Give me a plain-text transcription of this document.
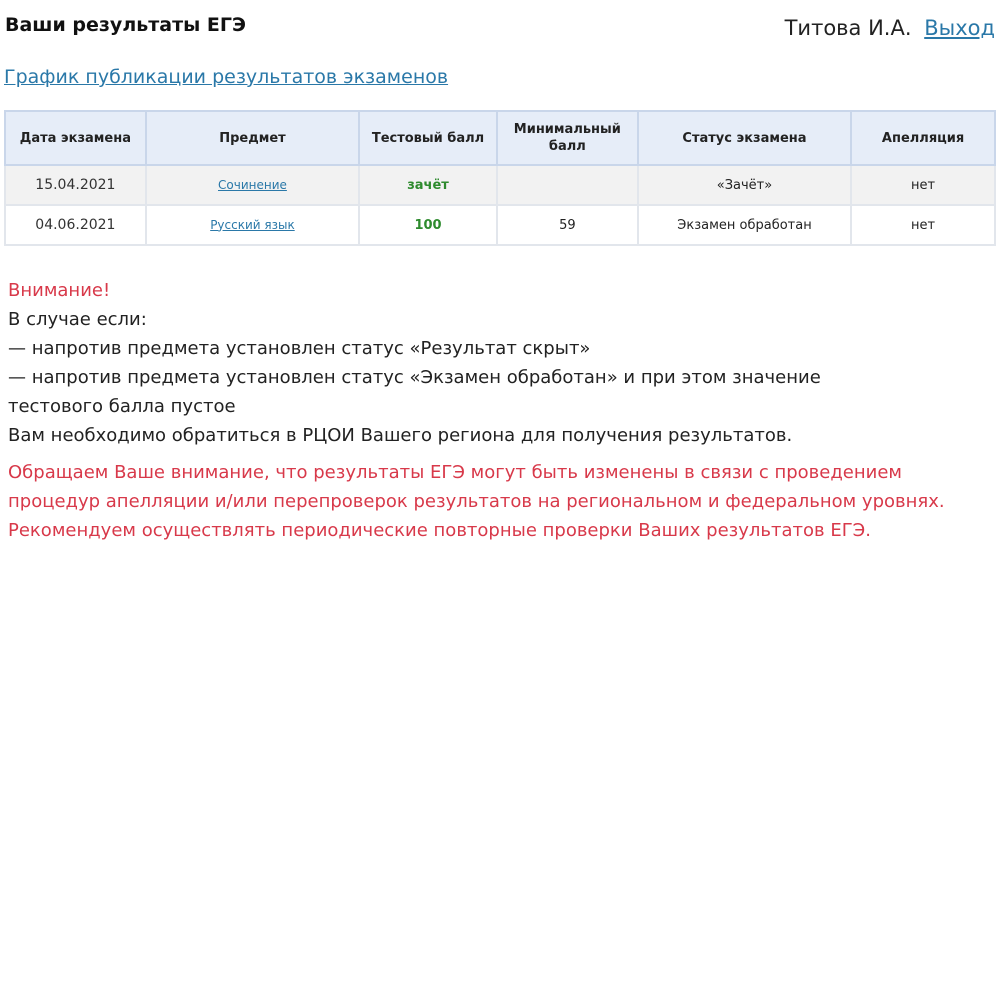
Ваши результаты ЕГЭ	Титова И.А. Выход
График публикации результатов экзаменов
Дата экзамена	Предмет	Тестовый балл	Минимальный балл	Статус экзамена	Апелляция
15.04.2021	Сочинение	зачёт		«Зачёт»	нет
04.06.2021	Русский язык	100	59	Экзамен обработан	нет
Внимание!
В случае если:
— напротив предмета установлен статус «Результат скрыт»
— напротив предмета установлен статус «Экзамен обработан» и при этом значение
тестового балла пустое
Вам необходимо обратиться в РЦОИ Вашего региона для получения результатов.
Обращаем Ваше внимание, что результаты ЕГЭ могут быть изменены в связи с проведением процедур апелляции и/или перепроверок результатов на региональном и федеральном уровнях. Рекомендуем осуществлять периодические повторные проверки Ваших результатов ЕГЭ.
